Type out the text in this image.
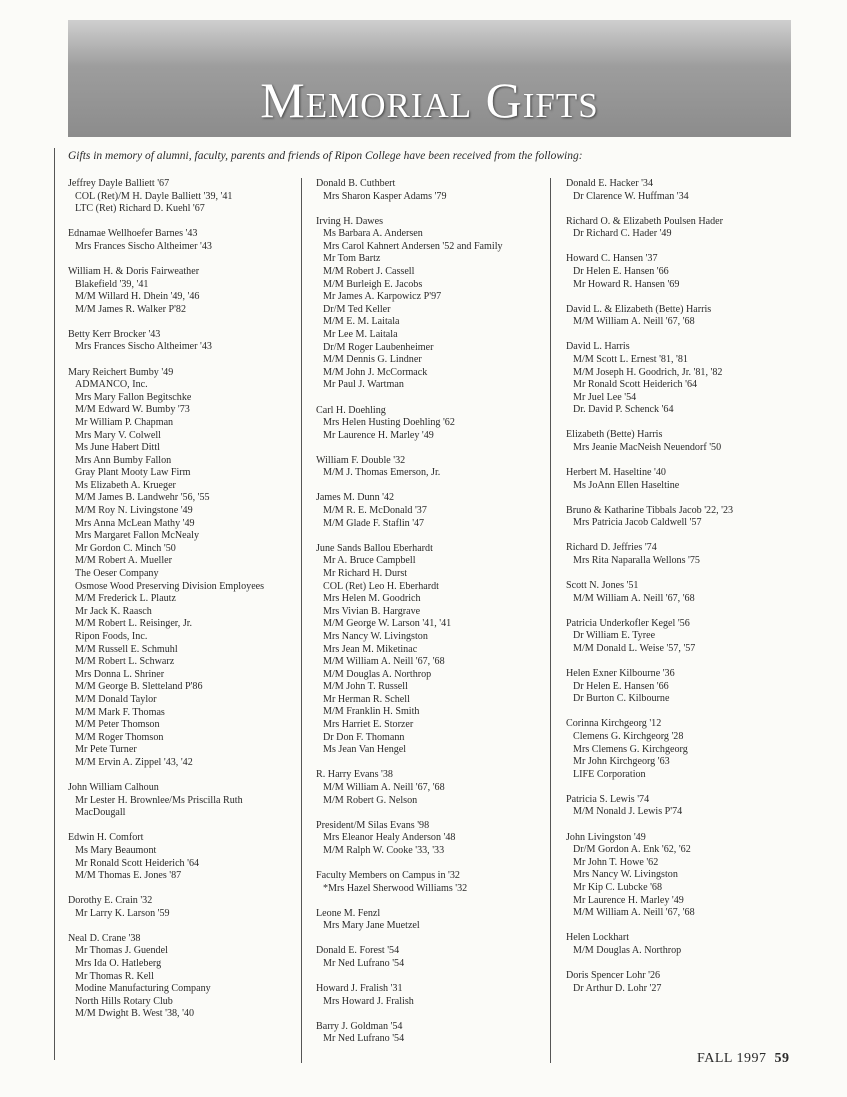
Memorial Gifts
Gifts in memory of alumni, faculty, parents and friends of Ripon College have been received from the following:
Jeffrey Dayle Balliett '67
COL (Ret)/M H. Dayle Balliett '39, '41
LTC (Ret) Richard D. Kuehl '67
Ednamae Wellhoefer Barnes '43
Mrs Frances Sischo Altheimer '43
William H. & Doris Fairweather
Blakefield '39, '41
M/M Willard H. Dhein '49, '46
M/M James R. Walker P'82
Betty Kerr Brocker '43
Mrs Frances Sischo Altheimer '43
Mary Reichert Bumby '49
ADMANCO, Inc.
Mrs Mary Fallon Begitschke
M/M Edward W. Bumby '73
Mr William P. Chapman
Mrs Mary V. Colwell
Ms June Habert Dittl
Mrs Ann Bumby Fallon
Gray Plant Mooty Law Firm
Ms Elizabeth A. Krueger
M/M James B. Landwehr '56, '55
M/M Roy N. Livingstone '49
Mrs Anna McLean Mathy '49
Mrs Margaret Fallon McNealy
Mr Gordon C. Minch '50
M/M Robert A. Mueller
The Oeser Company
Osmose Wood Preserving Division Employees
M/M Frederick L. Plautz
Mr Jack K. Raasch
M/M Robert L. Reisinger, Jr.
Ripon Foods, Inc.
M/M Russell E. Schmuhl
M/M Robert L. Schwarz
Mrs Donna L. Shriner
M/M George B. Sletteland P'86
M/M Donald Taylor
M/M Mark F. Thomas
M/M Peter Thomson
M/M Roger Thomson
Mr Pete Turner
M/M Ervin A. Zippel '43, '42
John William Calhoun
Mr Lester H. Brownlee/Ms Priscilla Ruth
MacDougall
Edwin H. Comfort
Ms Mary Beaumont
Mr Ronald Scott Heiderich '64
M/M Thomas E. Jones '87
Dorothy E. Crain '32
Mr Larry K. Larson '59
Neal D. Crane '38
Mr Thomas J. Guendel
Mrs Ida O. Hatleberg
Mr Thomas R. Kell
Modine Manufacturing Company
North Hills Rotary Club
M/M Dwight B. West '38, '40
Donald B. Cuthbert
Mrs Sharon Kasper Adams '79
Irving H. Dawes
Ms Barbara A. Andersen
Mrs Carol Kahnert Andersen '52 and Family
Mr Tom Bartz
M/M Robert J. Cassell
M/M Burleigh E. Jacobs
Mr James A. Karpowicz P'97
Dr/M Ted Keller
M/M E. M. Laitala
Mr Lee M. Laitala
Dr/M Roger Laubenheimer
M/M Dennis G. Lindner
M/M John J. McCormack
Mr Paul J. Wartman
Carl H. Doehling
Mrs Helen Husting Doehling '62
Mr Laurence H. Marley '49
William F. Double '32
M/M J. Thomas Emerson, Jr.
James M. Dunn '42
M/M R. E. McDonald '37
M/M Glade F. Staflin '47
June Sands Ballou Eberhardt
Mr A. Bruce Campbell
Mr Richard H. Durst
COL (Ret) Leo H. Eberhardt
Mrs Helen M. Goodrich
Mrs Vivian B. Hargrave
M/M George W. Larson '41, '41
Mrs Nancy W. Livingston
Mrs Jean M. Miketinac
M/M William A. Neill '67, '68
M/M Douglas A. Northrop
M/M John T. Russell
Mr Herman R. Schell
M/M Franklin H. Smith
Mrs Harriet E. Storzer
Dr Don F. Thomann
Ms Jean Van Hengel
R. Harry Evans '38
M/M William A. Neill '67, '68
M/M Robert G. Nelson
President/M Silas Evans '98
Mrs Eleanor Healy Anderson '48
M/M Ralph W. Cooke '33, '33
Faculty Members on Campus in '32
*Mrs Hazel Sherwood Williams '32
Leone M. Fenzl
Mrs Mary Jane Muetzel
Donald E. Forest '54
Mr Ned Lufrano '54
Howard J. Fralish '31
Mrs Howard J. Fralish
Barry J. Goldman '54
Mr Ned Lufrano '54
Donald E. Hacker '34
Dr Clarence W. Huffman '34
Richard O. & Elizabeth Poulsen Hader
Dr Richard C. Hader '49
Howard C. Hansen '37
Dr Helen E. Hansen '66
Mr Howard R. Hansen '69
David L. & Elizabeth (Bette) Harris
M/M William A. Neill '67, '68
David L. Harris
M/M Scott L. Ernest '81, '81
M/M Joseph H. Goodrich, Jr. '81, '82
Mr Ronald Scott Heiderich '64
Mr Juel Lee '54
Dr. David P. Schenck '64
Elizabeth (Bette) Harris
Mrs Jeanie MacNeish Neuendorf '50
Herbert M. Haseltine '40
Ms JoAnn Ellen Haseltine
Bruno & Katharine Tibbals Jacob '22, '23
Mrs Patricia Jacob Caldwell '57
Richard D. Jeffries '74
Mrs Rita Naparalla Wellons '75
Scott N. Jones '51
M/M William A. Neill '67, '68
Patricia Underkofler Kegel '56
Dr William E. Tyree
M/M Donald L. Weise '57, '57
Helen Exner Kilbourne '36
Dr Helen E. Hansen '66
Dr Burton C. Kilbourne
Corinna Kirchgeorg '12
Clemens G. Kirchgeorg '28
Mrs Clemens G. Kirchgeorg
Mr John Kirchgeorg '63
LIFE Corporation
Patricia S. Lewis '74
M/M Nonald J. Lewis P'74
John Livingston '49
Dr/M Gordon A. Enk '62, '62
Mr John T. Howe '62
Mrs Nancy W. Livingston
Mr Kip C. Lubcke '68
Mr Laurence H. Marley '49
M/M William A. Neill '67, '68
Helen Lockhart
M/M Douglas A. Northrop
Doris Spencer Lohr '26
Dr Arthur D. Lohr '27
FALL 1997 59
